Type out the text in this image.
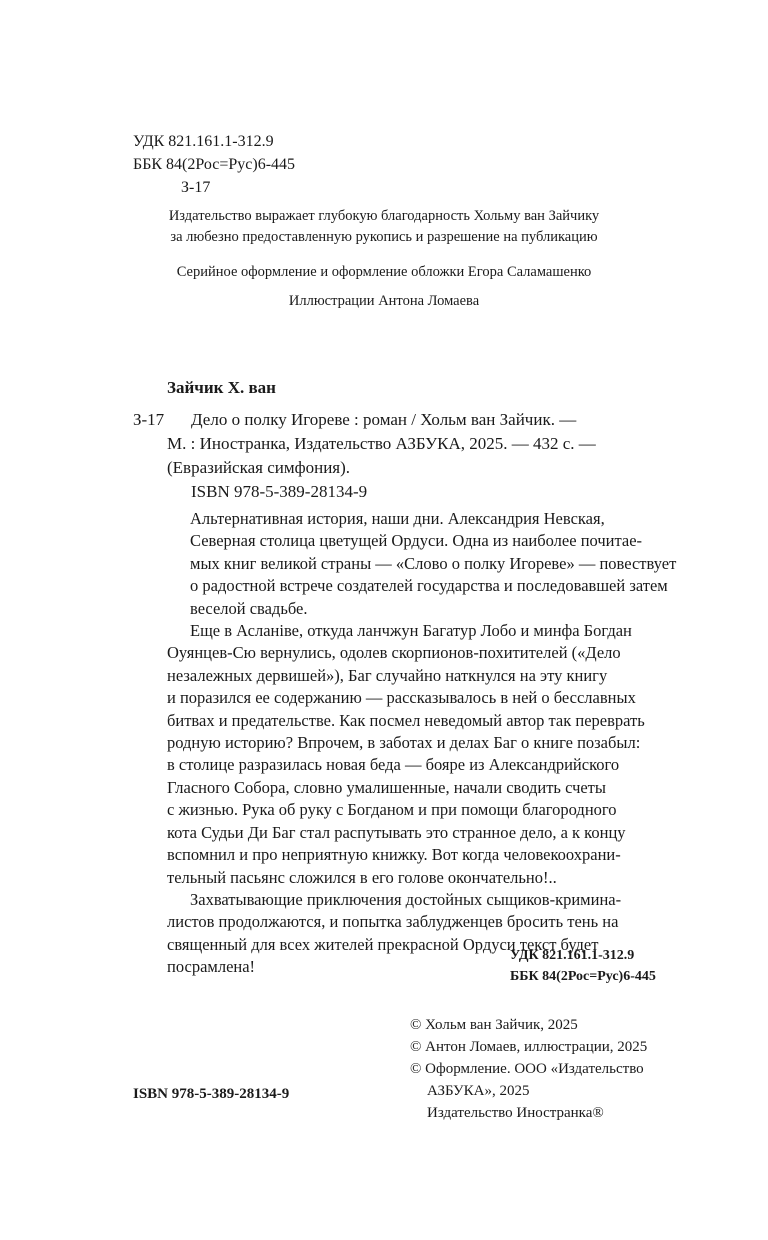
УДК 821.161.1-312.9
ББК 84(2Рос=Рус)6-445
З-17
Издательство выражает глубокую благодарность Хольму ван Зайчику
за любезно предоставленную рукопись и разрешение на публикацию
Серийное оформление и оформление обложки Егора Саламашенко
Иллюстрации Антона Ломаева
Зайчик Х. ван
З-17 Дело о полку Игореве : роман / Хольм ван Зайчик. —
М. : Иностранка, Издательство АЗБУКА, 2025. — 432 с. —
(Евразийская симфония).
ISBN 978-5-389-28134-9

Альтернативная история, наши дни. Александрия Невская,
Северная столица цветущей Ордуси. Одна из наиболее почитае-
мых книг великой страны — «Слово о полку Игореве» — повествует
о радостной встрече создателей государства и последовавшей затем
веселой свадьбе.

Еще в Асланiве, откуда ланчжун Багатур Лобо и минфа Богдан
Оуянцев-Сю вернулись, одолев скорпионов-похитителей («Дело
незалежных дервишей»), Баг случайно наткнулся на эту книгу
и поразился ее содержанию — рассказывалось в ней о бесславных
битвах и предательстве. Как посмел неведомый автор так переврать
родную историю? Впрочем, в заботах и делах Баг о книге позабыл:
в столице разразилась новая беда — бояре из Александрийского
Гласного Собора, словно умалишенные, начали сводить счеты
с жизнью. Рука об руку с Богданом и при помощи благородного
кота Судьи Ди Баг стал распутывать это странное дело, а к концу
вспомнил и про неприятную книжку. Вот когда человекоохрани-
тельный пасьянс сложился в его голове окончательно!..

Захватывающие приключения достойных сыщиков-кримина-
листов продолжаются, и попытка заблудженцев бросить тень на
священный для всех жителей прекрасной Ордуси текст будет
посрамлена!

УДК 821.161.1-312.9
ББК 84(2Рос=Рус)6-445
© Хольм ван Зайчик, 2025
© Антон Ломаев, иллюстрации, 2025
© Оформление. ООО «Издательство
АЗБУКА», 2025
Издательство Иностранка®
ISBN 978-5-389-28134-9
